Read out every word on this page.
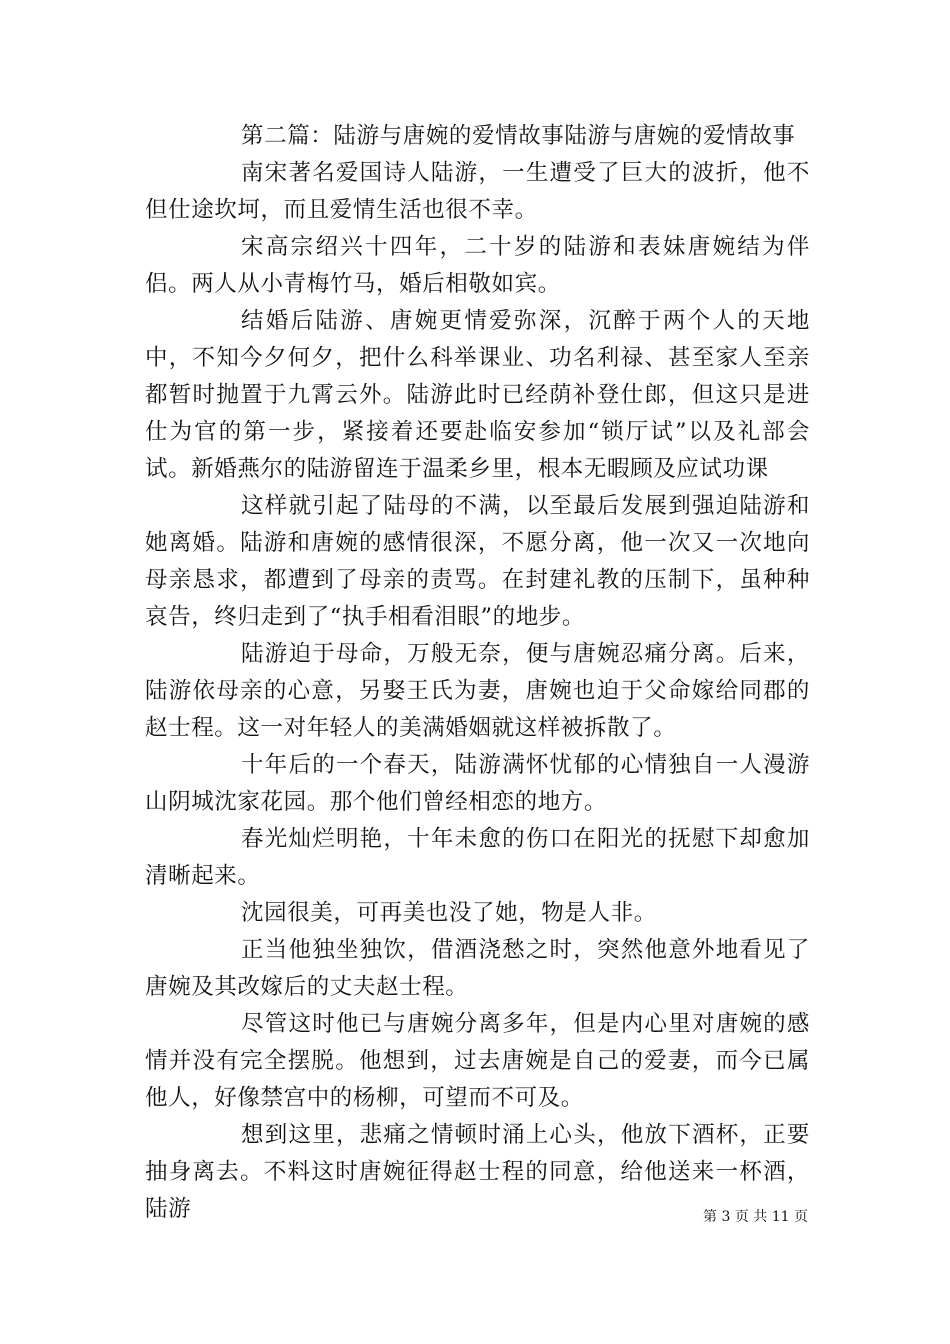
第二篇：陆游与唐婉的爱情故事陆游与唐婉的爱情故事

南宋著名爱国诗人陆游，一生遭受了巨大的波折，他不但仕途坎坷，而且爱情生活也很不幸。

宋高宗绍兴十四年，二十岁的陆游和表妹唐婉结为伴侣。两人从小青梅竹马，婚后相敬如宾。

结婚后陆游、唐婉更情爱弥深，沉醉于两个人的天地中，不知今夕何夕，把什么科举课业、功名利禄、甚至家人至亲都暂时抛置于九霄云外。陆游此时已经荫补登仕郎，但这只是进仕为官的第一步，紧接着还要赴临安参加“锁厅试”以及礼部会试。新婚燕尔的陆游留连于温柔乡里，根本无暇顾及应试功课

这样就引起了陆母的不满，以至最后发展到强迫陆游和她离婚。陆游和唐婉的感情很深，不愿分离，他一次又一次地向母亲恳求，都遭到了母亲的责骂。在封建礼教的压制下，虽种种哀告，终归走到了“执手相看泪眼”的地步。

陆游迫于母命，万般无奈，便与唐婉忍痛分离。后来，陆游依母亲的心意，另娶王氏为妻，唐婉也迫于父命嫁给同郡的赵士程。这一对年轻人的美满婚姻就这样被拆散了。

十年后的一个春天，陆游满怀忧郁的心情独自一人漫游山阴城沈家花园。那个他们曾经相恋的地方。

春光灿烂明艳，十年未愈的伤口在阳光的抚慰下却愈加清晰起来。

沈园很美，可再美也没了她，物是人非。

正当他独坐独饮，借酒浇愁之时，突然他意外地看见了唐婉及其改嫁后的丈夫赵士程。

尽管这时他已与唐婉分离多年，但是内心里对唐婉的感情并没有完全摆脱。他想到，过去唐婉是自己的爱妻，而今已属他人，好像禁宫中的杨柳，可望而不可及。

想到这里，悲痛之情顿时涌上心头，他放下酒杯，正要抽身离去。不料这时唐婉征得赵士程的同意，给他送来一杯酒，陆游	第 3 页 共 11 页
